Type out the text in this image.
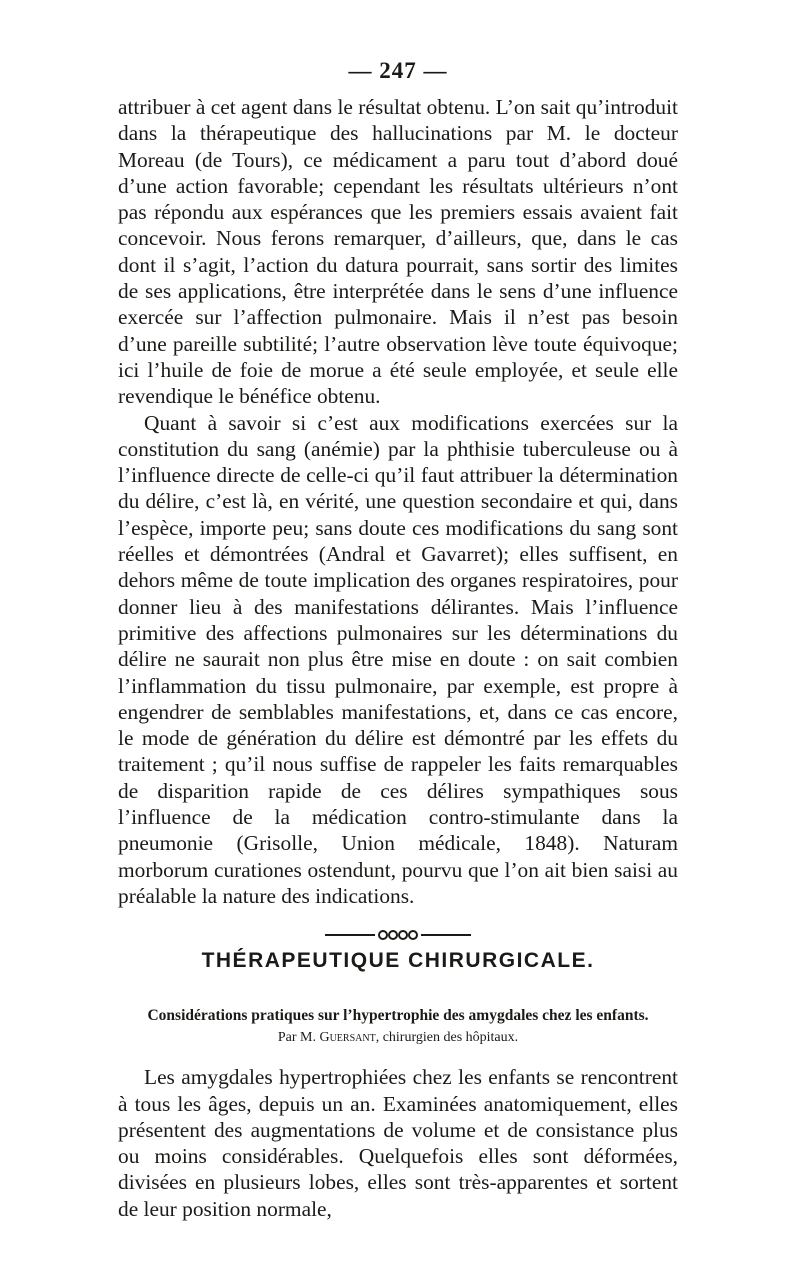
— 247 —

attribuer à cet agent dans le résultat obtenu. L’on sait qu’introduit dans la thérapeutique des hallucinations par M. le docteur Moreau (de Tours), ce médicament a paru tout d’abord doué d’une action favorable; cependant les résultats ultérieurs n’ont pas répondu aux espérances que les premiers essais avaient fait concevoir. Nous ferons remarquer, d’ailleurs, que, dans le cas dont il s’agit, l’action du datura pourrait, sans sortir des limites de ses applications, être interprétée dans le sens d’une influence exercée sur l’affection pulmonaire. Mais il n’est pas besoin d’une pareille subtilité; l’autre observation lève toute équivoque; ici l’huile de foie de morue a été seule employée, et seule elle revendique le bénéfice obtenu.

Quant à savoir si c’est aux modifications exercées sur la constitution du sang (anémie) par la phthisie tuberculeuse ou à l’influence directe de celle-ci qu’il faut attribuer la détermination du délire, c’est là, en vérité, une question secondaire et qui, dans l’espèce, importe peu; sans doute ces modifications du sang sont réelles et démontrées (Andral et Gavarret); elles suffisent, en dehors même de toute implication des organes respiratoires, pour donner lieu à des manifestations délirantes. Mais l’influence primitive des affections pulmonaires sur les déterminations du délire ne saurait non plus être mise en doute : on sait combien l’inflammation du tissu pulmonaire, par exemple, est propre à engendrer de semblables manifestations, et, dans ce cas encore, le mode de génération du délire est démontré par les effets du traitement ; qu’il nous suffise de rappeler les faits remarquables de disparition rapide de ces délires sympathiques sous l’influence de la médication contro-stimulante dans la pneumonie (Grisolle, Union médicale, 1848). Naturam morborum curationes ostendunt, pourvu que l’on ait bien saisi au préalable la nature des indications.

THÉRAPEUTIQUE CHIRURGICALE.
Considérations pratiques sur l’hypertrophie des amygdales chez les enfants.
Par M. Guersant, chirurgien des hôpitaux.

Les amygdales hypertrophiées chez les enfants se rencontrent à tous les âges, depuis un an. Examinées anatomiquement, elles présentent des augmentations de volume et de consistance plus ou moins considérables. Quelquefois elles sont déformées, divisées en plusieurs lobes, elles sont très-apparentes et sortent de leur position normale,
